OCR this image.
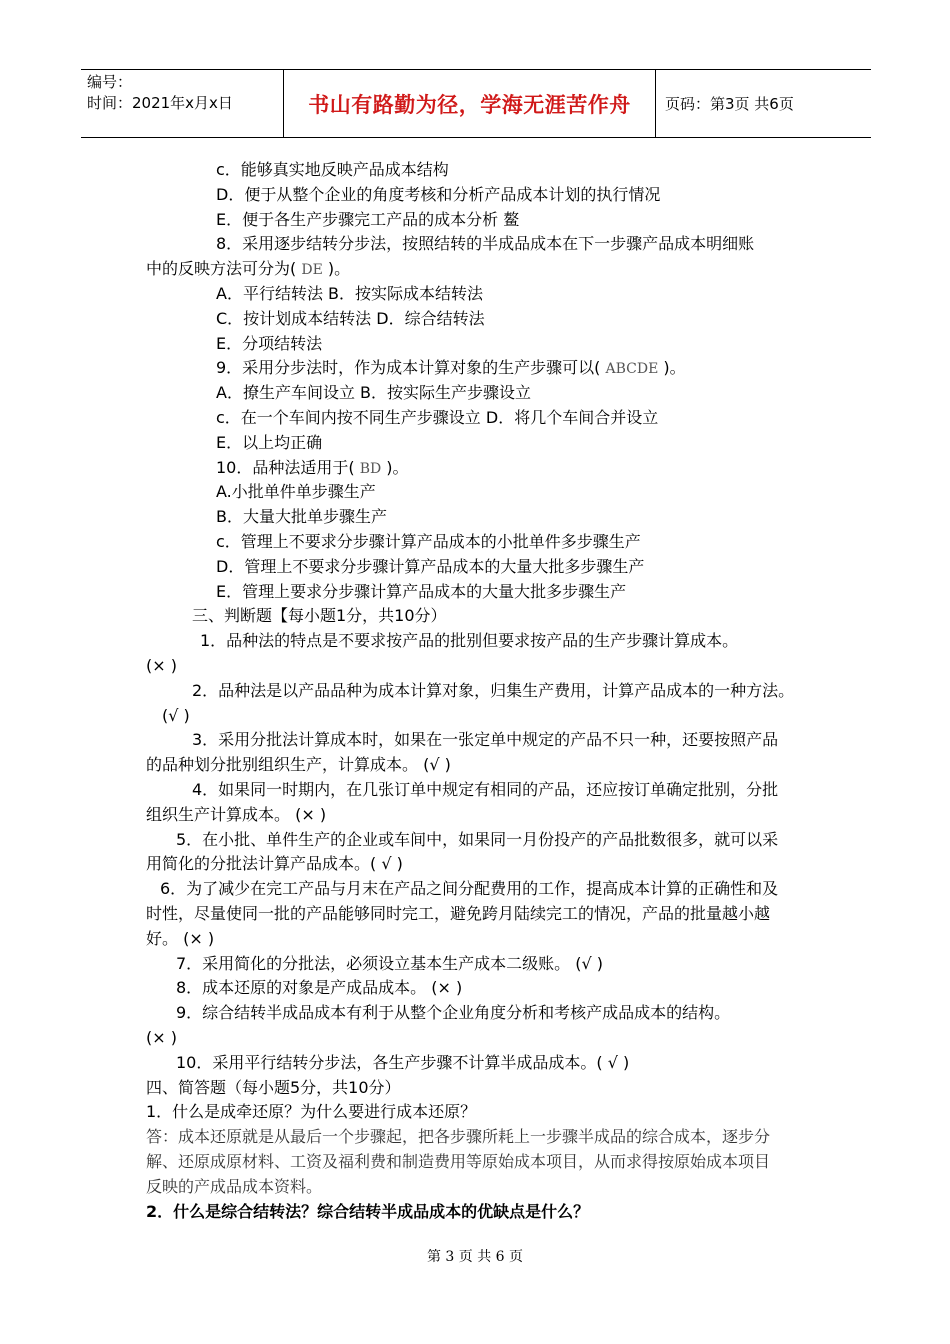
编号：
时间：2021年x月x日	书山有路勤为径，学海无涯苦作舟	页码：第3页 共6页
c．能够真实地反映产品成本结构
D．便于从整个企业的角度考核和分析产品成本计划的执行情况
E．便于各生产步骤完工产品的成本分析 鳌
8．采用逐步结转分步法，按照结转的半成品成本在下一步骤产品成本明细账
中的反映方法可分为( DE )。
A．平行结转法 B．按实际成本结转法
C．按计划成本结转法 D．综合结转法
E．分项结转法
9．采用分步法时，作为成本计算对象的生产步骤可以( ABCDE )。
A．撩生产车间设立 B．按实际生产步骤设立
c．在一个车间内按不同生产步骤设立 D．将几个车间合并设立
E．以上均正确
10．品种法适用于( BD )。
A.小批单件单步骤生产
B．大量大批单步骤生产
c．管理上不要求分步骤计算产品成本的小批单件多步骤生产
D．管理上不要求分步骤计算产品成本的大量大批多步骤生产
E．管理上要求分步骤计算产品成本的大量大批多步骤生产
三、判断题【每小题1分，共10分）
1．品种法的特点是不要求按产品的批别但要求按产品的生产步骤计算成本。
(× )
2．品种法是以产品品种为成本计算对象，归集生产费用，计算产品成本的一种方法。
(√ )
3．采用分批法计算成本时，如果在一张定单中规定的产品不只一种，还要按照产品
的品种划分批别组织生产，计算成本。 (√ )
4．如果同一时期内，在几张订单中规定有相同的产品，还应按订单确定批别，分批
组织生产计算成本。 (× )
5．在小批、单件生产的企业或车间中，如果同一月份投产的产品批数很多，就可以采
用简化的分批法计算产品成本。( √ )
6．为了减少在完工产品与月末在产品之间分配费用的工作，提高成本计算的正确性和及
时性，尽量使同一批的产品能够同时完工，避免跨月陆续完工的情况，产品的批量越小越
好。 (× )
7．采用简化的分批法，必须设立基本生产成本二级账。 (√ )
8．成本还原的对象是产成品成本。 (× )
9．综合结转半成品成本有利于从整个企业角度分析和考核产成品成本的结构。
(× )
10．采用平行结转分步法，各生产步骤不计算半成品成本。( √ )
四、简答题（每小题5分，共10分）
1．什么是成牵还原？为什么要进行成本还原？
答：成本还原就是从最后一个步骤起，把各步骤所耗上一步骤半成品的综合成本，逐步分
解、还原成原材料、工资及福利费和制造费用等原始成本项目，从而求得按原始成本项目
反映的产成品成本资料。
2．什么是综合结转法？综合结转半成品成本的优缺点是什么？
第 3 页 共 6 页
